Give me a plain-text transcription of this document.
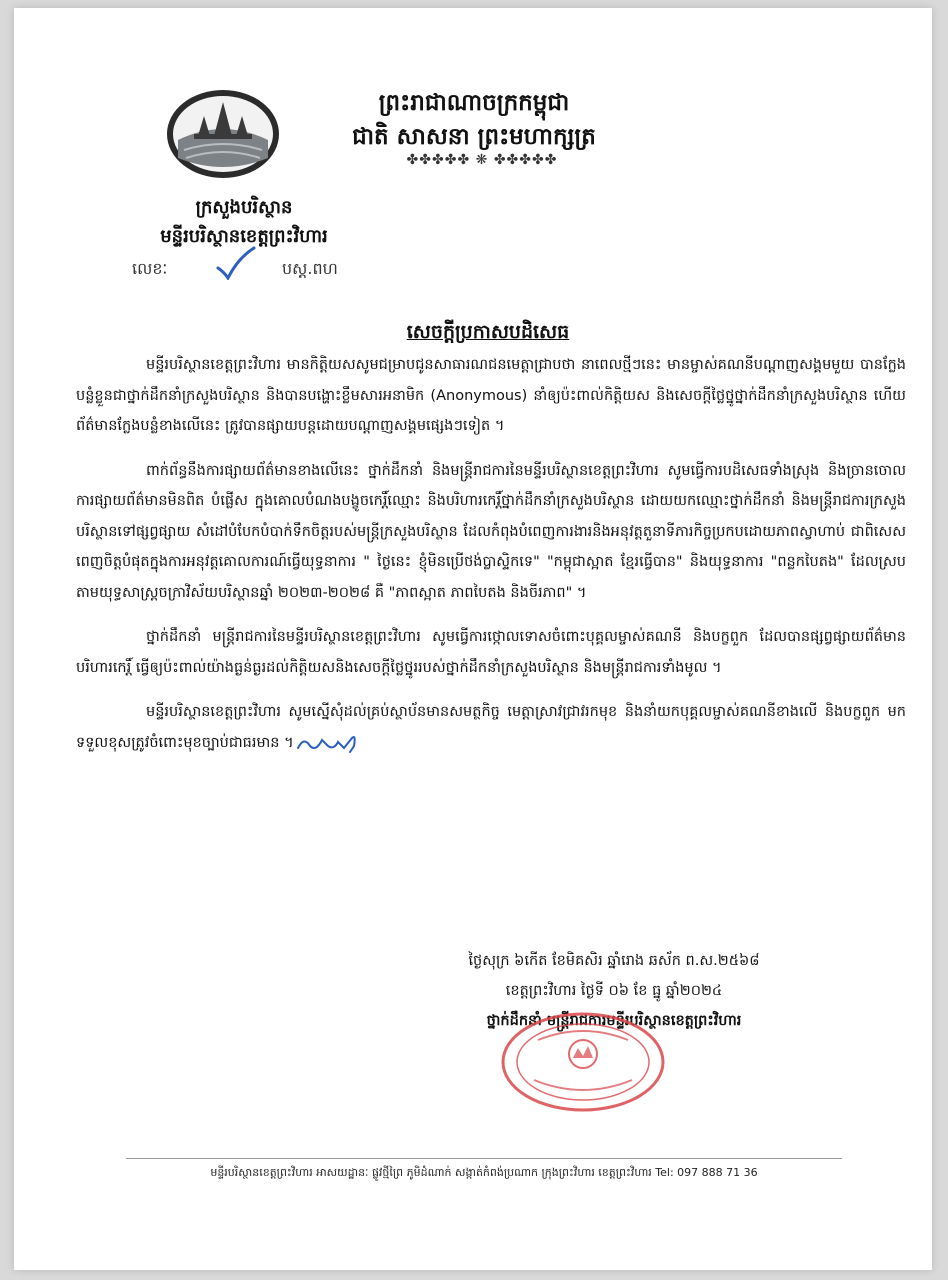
ព្រះរាជាណាចក្រកម្ពុជា
ជាតិ សាសនា ព្រះមហាក្សត្រ
✤✤✤✤✤ ❋ ✤✤✤✤✤
ក្រសួងបរិស្ថាន
មន្ទីរបរិស្ថានខេត្តព្រះវិហារ
លេខៈ	បស្ត.ពហ
សេចក្តីប្រកាសបដិសេធ

មន្ទីរបរិស្ថានខេត្តព្រះវិហារ មានកិត្តិយសសូមជម្រាបជូនសាធារណជនមេត្តាជ្រាបថា នាពេលថ្មីៗនេះ មានម្ចាស់គណនីបណ្តាញសង្គមមួយ បានក្លែងបន្លំខ្លួនជាថ្នាក់ដឹកនាំក្រសួងបរិស្ថាន និងបានបង្ហោះខ្លឹមសារអនាមិក (Anonymous) នាំឲ្យប៉ះពាល់កិត្តិយស និងសេចក្តីថ្លៃថ្នូថ្នាក់ដឹកនាំក្រសួងបរិស្ថាន ហើយព័ត៌មានក្លែងបន្លំខាងលើនេះ ត្រូវបានផ្សាយបន្តដោយបណ្តាញសង្គមផ្សេងៗទៀត ។

ពាក់ព័ន្ធនឹងការផ្សាយព័ត៌មានខាងលើនេះ ថ្នាក់ដឹកនាំ និងមន្ត្រីរាជការនៃមន្ទីរបរិស្ថានខេត្តព្រះវិហារ សូមធ្វើការបដិសេធទាំងស្រុង និងច្រានចោលការផ្សាយព័ត៌មានមិនពិត បំផ្លើស ក្នុងគោលបំណងបង្ខូចកេរ្តិ៍ឈ្មោះ និងបរិហារកេរ្តិ៍ថ្នាក់ដឹកនាំក្រសួងបរិស្ថាន ដោយយកឈ្មោះថ្នាក់ដឹកនាំ និងមន្ត្រីរាជការក្រសួងបរិស្ថានទៅផ្សព្វផ្សាយ សំដៅបំបែកបំបាក់ទឹកចិត្តរបស់មន្ត្រីក្រសួងបរិស្ថាន ដែលកំពុងបំពេញការងារនិងអនុវត្តតួនាទីភារកិច្ចប្រកបដោយភាពស្វាហាប់ ជាពិសេសពេញចិត្តបំផុតក្នុងការអនុវត្តគោលការណ៍ធ្វើយុទ្ធនាការ " ថ្ងៃនេះ ខ្ញុំមិនប្រើថង់ប្លាស្ទិកទេ" "កម្ពុជាស្អាត ខ្មែរធ្វើបាន" និងយុទ្ធនាការ "ពន្លកបៃតង" ដែលស្របតាមយុទ្ធសាស្ត្រចក្រាវិស័យបរិស្ថានឆ្នាំ ២០២៣-២០២៨ គឺ "ភាពស្អាត ភាពបៃតង និងចីរភាព" ។

ថ្នាក់ដឹកនាំ មន្ត្រីរាជការនៃមន្ទីរបរិស្ថានខេត្តព្រះវិហារ សូមធ្វើការថ្កោលទោសចំពោះបុគ្គលម្ចាស់គណនី និងបក្ខពួក ដែលបានផ្សព្វផ្សាយព័ត៌មានបរិហារកេរ្តិ៍ ធ្វើឲ្យប៉ះពាល់យ៉ាងធ្ងន់ធ្ងរដល់កិត្តិយសនិងសេចក្តីថ្លៃថ្នូររបស់ថ្នាក់ដឹកនាំក្រសួងបរិស្ថាន និងមន្ត្រីរាជការទាំងមូល ។

មន្ទីរបរិស្ថានខេត្តព្រះវិហារ សូមស្នើសុំដល់គ្រប់ស្ថាប័នមានសមត្ថកិច្ច មេត្តាស្រាវជ្រាវរកមុខ និងនាំយកបុគ្គលម្ចាស់គណនីខាងលើ និងបក្ខពួក មកទទួលខុសត្រូវចំពោះមុខច្បាប់ជាធរមាន ។

ថ្ងៃសុក្រ ៦កើត ខែមិគសិរ ឆ្នាំរោង ឆស័ក ព.ស.២៥៦៨
ខេត្តព្រះវិហារ ថ្ងៃទី ០៦ ខែ ធ្នូ ឆ្នាំ២០២៤
ថ្នាក់ដឹកនាំ មន្ត្រីរាជការមន្ទីរបរិស្ថានខេត្តព្រះវិហារ
មន្ទីរបរិស្ថានខេត្តព្រះវិហារ អាសយដ្ឋានៈ ផ្លូវថ្មីព្រៃ ភូមិដំណាក់ សង្កាត់កំពង់ប្រណាក ក្រុងព្រះវិហារ ខេត្តព្រះវិហារ Tel: 097 888 71 36
